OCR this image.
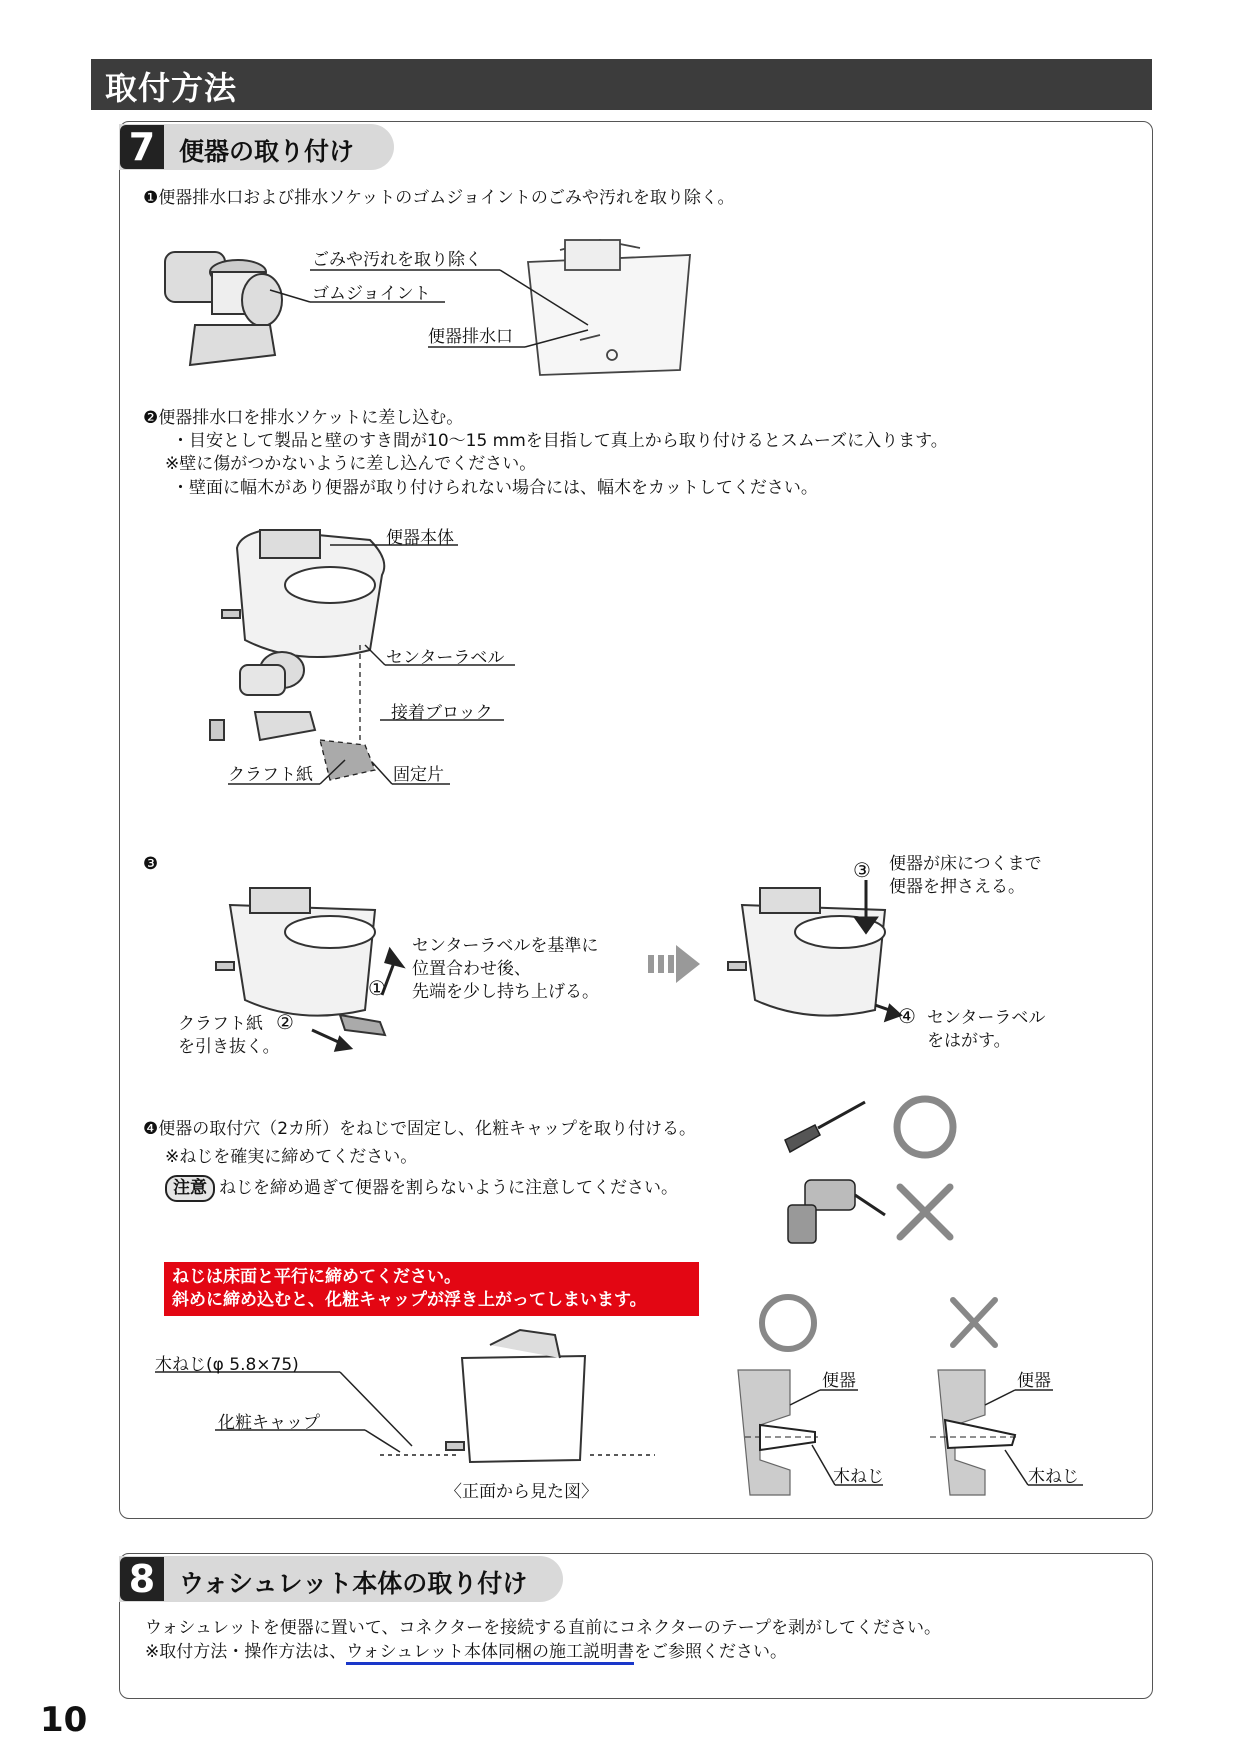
取付方法
7 便器の取り付け
❶便器排水口および排水ソケットのゴムジョイントのごみや汚れを取り除く。
ごみや汚れを取り除く
ゴムジョイント
便器排水口
❷便器排水口を排水ソケットに差し込む。
・目安として製品と壁のすき間が10～15 mmを目指して真上から取り付けるとスムーズに入ります。
※壁に傷がつかないように差し込んでください。
・壁面に幅木があり便器が取り付けられない場合には、幅木をカットしてください。
便器本体
センターラベル
接着ブロック
クラフト紙	固定片
❸
センターラベルを基準に
位置合わせ後、
先端を少し持ち上げる。
クラフト紙
を引き抜く。
便器が床につくまで
便器を押さえる。
センターラベル
をはがす。
①
②
③
④
❹便器の取付穴（2カ所）をねじで固定し、化粧キャップを取り付ける。
※ねじを確実に締めてください。
注意 ねじを締め過ぎて便器を割らないように注意してください。
ねじは床面と平行に締めてください。
斜めに締め込むと、化粧キャップが浮き上がってしまいます。
木ねじ(φ 5.8×75)
化粧キャップ
〈正面から見た図〉
便器
木ねじ
便器
木ねじ
8 ウォシュレット本体の取り付け
ウォシュレットを便器に置いて、コネクターを接続する直前にコネクターのテープを剥がしてください。
※取付方法・操作方法は、ウォシュレット本体同梱の施工説明書をご参照ください。
10
